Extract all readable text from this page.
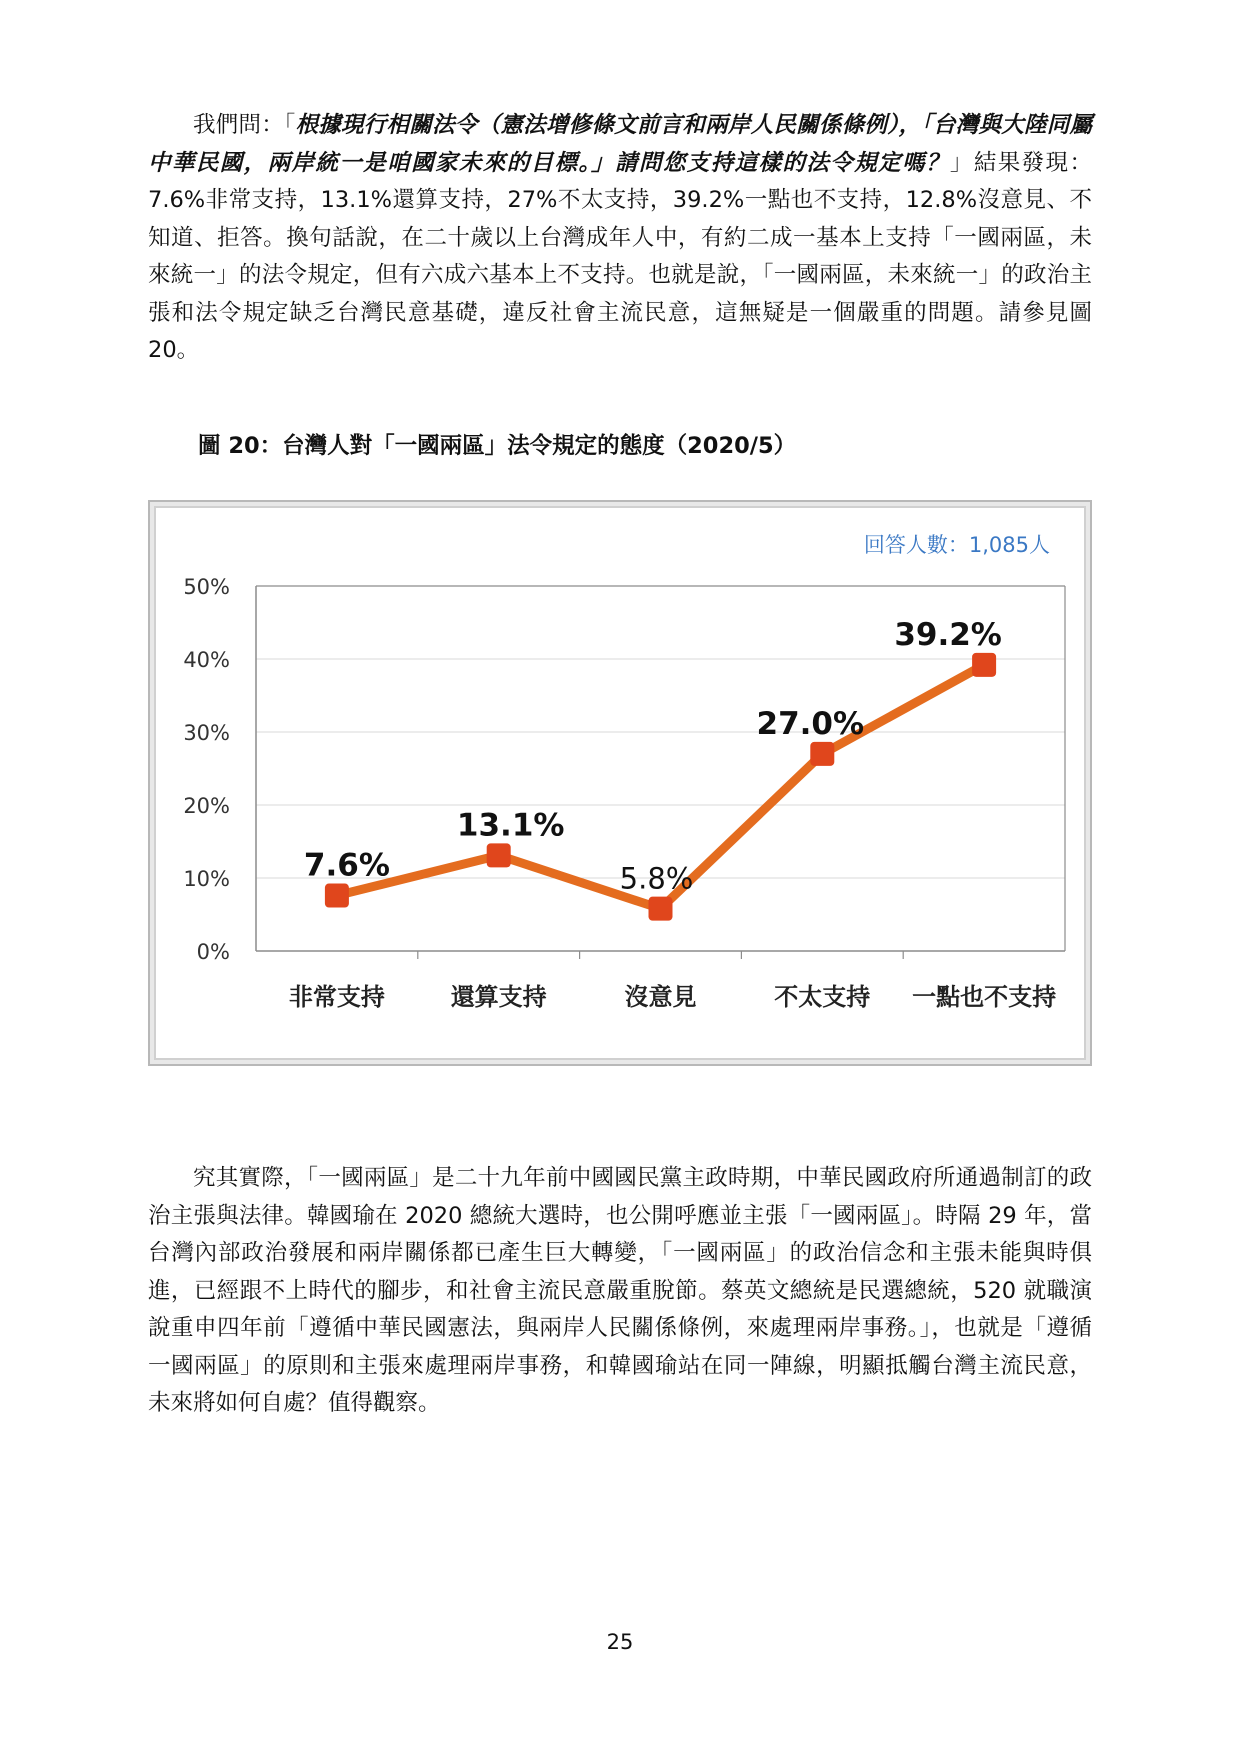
我們問：「根據現行相關法令（憲法增修條文前言和兩岸人民關係條例），「台灣與大陸同屬中華民國，兩岸統一是咱國家未來的目標。」請問您支持這樣的法令規定嗎？」結果發現：7.6%非常支持，13.1%還算支持，27%不太支持，39.2%一點也不支持，12.8%沒意見、不知道、拒答。換句話說，在二十歲以上台灣成年人中，有約二成一基本上支持「一國兩區，未來統一」的法令規定，但有六成六基本上不支持。也就是說，「一國兩區，未來統一」的政治主張和法令規定缺乏台灣民意基礎，違反社會主流民意，這無疑是一個嚴重的問題。請參見圖 20。

圖 20：台灣人對「一國兩區」法令規定的態度（2020/5）

0%
10%
20%
30%
40%
50%
非常支持	還算支持	沒意見	不太支持 一點也不支持
7.6%
13.1%
5.8%
27.0%
39.2%
回答人數：1,085人

究其實際，「一國兩區」是二十九年前中國國民黨主政時期，中華民國政府所通過制訂的政治主張與法律。韓國瑜在 2020 總統大選時，也公開呼應並主張「一國兩區」。時隔 29 年，當台灣內部政治發展和兩岸關係都已產生巨大轉變，「一國兩區」的政治信念和主張未能與時俱進，已經跟不上時代的腳步，和社會主流民意嚴重脫節。蔡英文總統是民選總統，520 就職演說重申四年前「遵循中華民國憲法，與兩岸人民關係條例，來處理兩岸事務。」，也就是「遵循一國兩區」的原則和主張來處理兩岸事務，和韓國瑜站在同一陣線，明顯抵觸台灣主流民意，未來將如何自處？值得觀察。

25
